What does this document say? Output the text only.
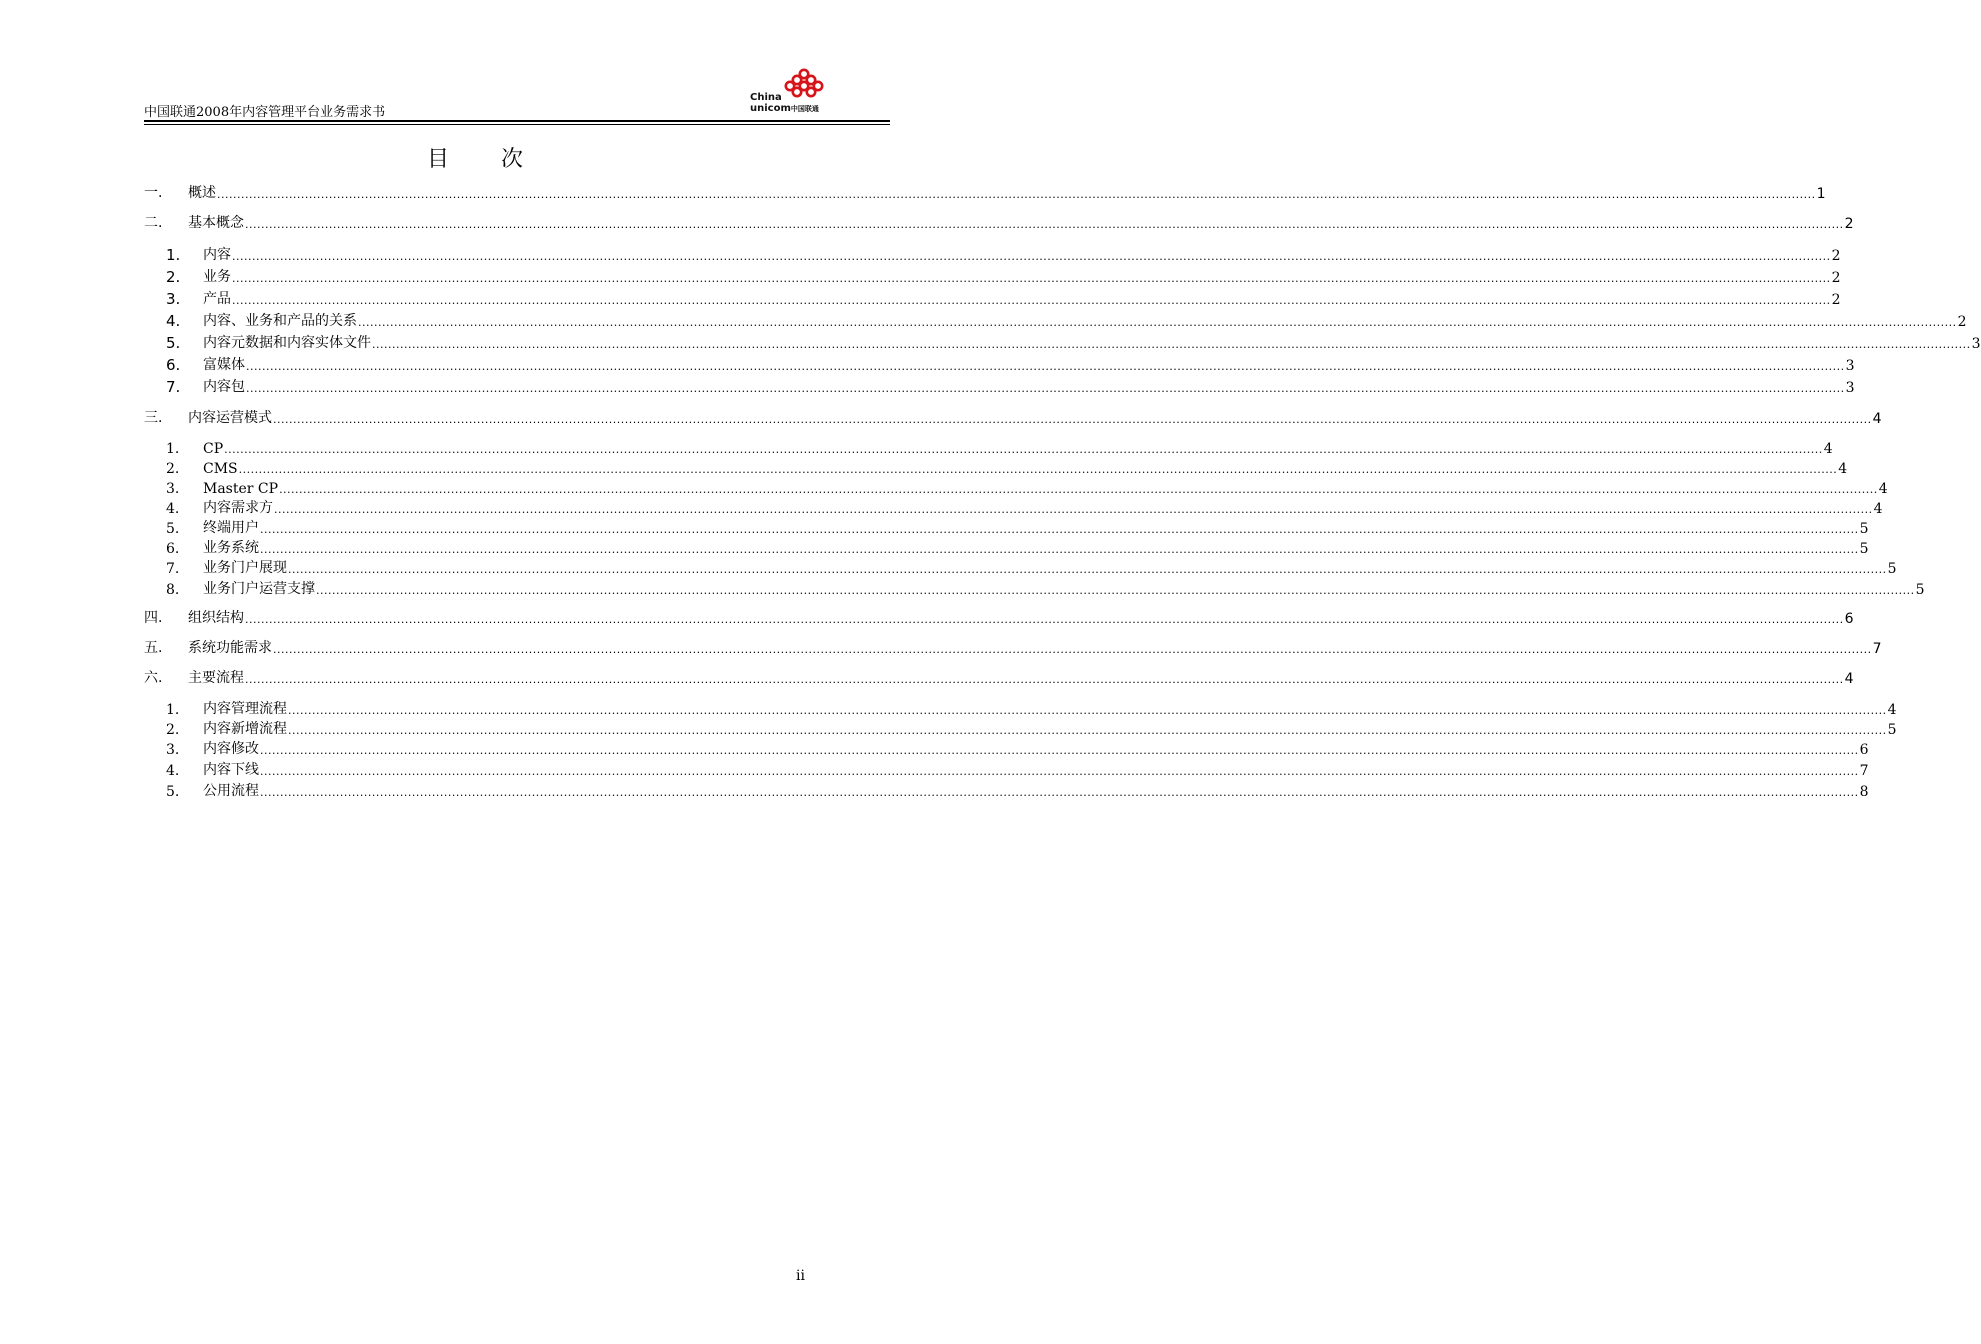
中国联通2008年内容管理平台业务需求书
China
unicom中国联通
目 次
一.	概述 ................................................................................................................................................................................................................................................................................................................................................................................................................ 1
二.	基本概念 ................................................................................................................................................................................................................................................................................................................................................................................................................ 2
1.	内容 ................................................................................................................................................................................................................................................................................................................................................................................................................ 2
2.	业务 ................................................................................................................................................................................................................................................................................................................................................................................................................ 2
3.	产品 ................................................................................................................................................................................................................................................................................................................................................................................................................ 2
4.	内容、业务和产品的关系 ................................................................................................................................................................................................................................................................................................................................................................................................................ 2
5.	内容元数据和内容实体文件 ................................................................................................................................................................................................................................................................................................................................................................................................................ 3
6.	富媒体 ................................................................................................................................................................................................................................................................................................................................................................................................................ 3
7.	内容包 ................................................................................................................................................................................................................................................................................................................................................................................................................ 3
三.	内容运营模式 ................................................................................................................................................................................................................................................................................................................................................................................................................ 4
1.	CP ................................................................................................................................................................................................................................................................................................................................................................................................................ 4
2.	CMS ................................................................................................................................................................................................................................................................................................................................................................................................................ 4
3.	Master CP ................................................................................................................................................................................................................................................................................................................................................................................................................ 4
4.	内容需求方 ................................................................................................................................................................................................................................................................................................................................................................................................................ 4
5.	终端用户 ................................................................................................................................................................................................................................................................................................................................................................................................................ 5
6.	业务系统 ................................................................................................................................................................................................................................................................................................................................................................................................................ 5
7.	业务门户展现 ................................................................................................................................................................................................................................................................................................................................................................................................................ 5
8.	业务门户运营支撑 ................................................................................................................................................................................................................................................................................................................................................................................................................ 5
四.	组织结构 ................................................................................................................................................................................................................................................................................................................................................................................................................ 6
五.	系统功能需求 ................................................................................................................................................................................................................................................................................................................................................................................................................ 7
六.	主要流程 ................................................................................................................................................................................................................................................................................................................................................................................................................ 4
1.	内容管理流程 ................................................................................................................................................................................................................................................................................................................................................................................................................ 4
2.	内容新增流程 ................................................................................................................................................................................................................................................................................................................................................................................................................ 5
3.	内容修改 ................................................................................................................................................................................................................................................................................................................................................................................................................ 6
4.	内容下线 ................................................................................................................................................................................................................................................................................................................................................................................................................ 7
5.	公用流程 ................................................................................................................................................................................................................................................................................................................................................................................................................ 8
ii
